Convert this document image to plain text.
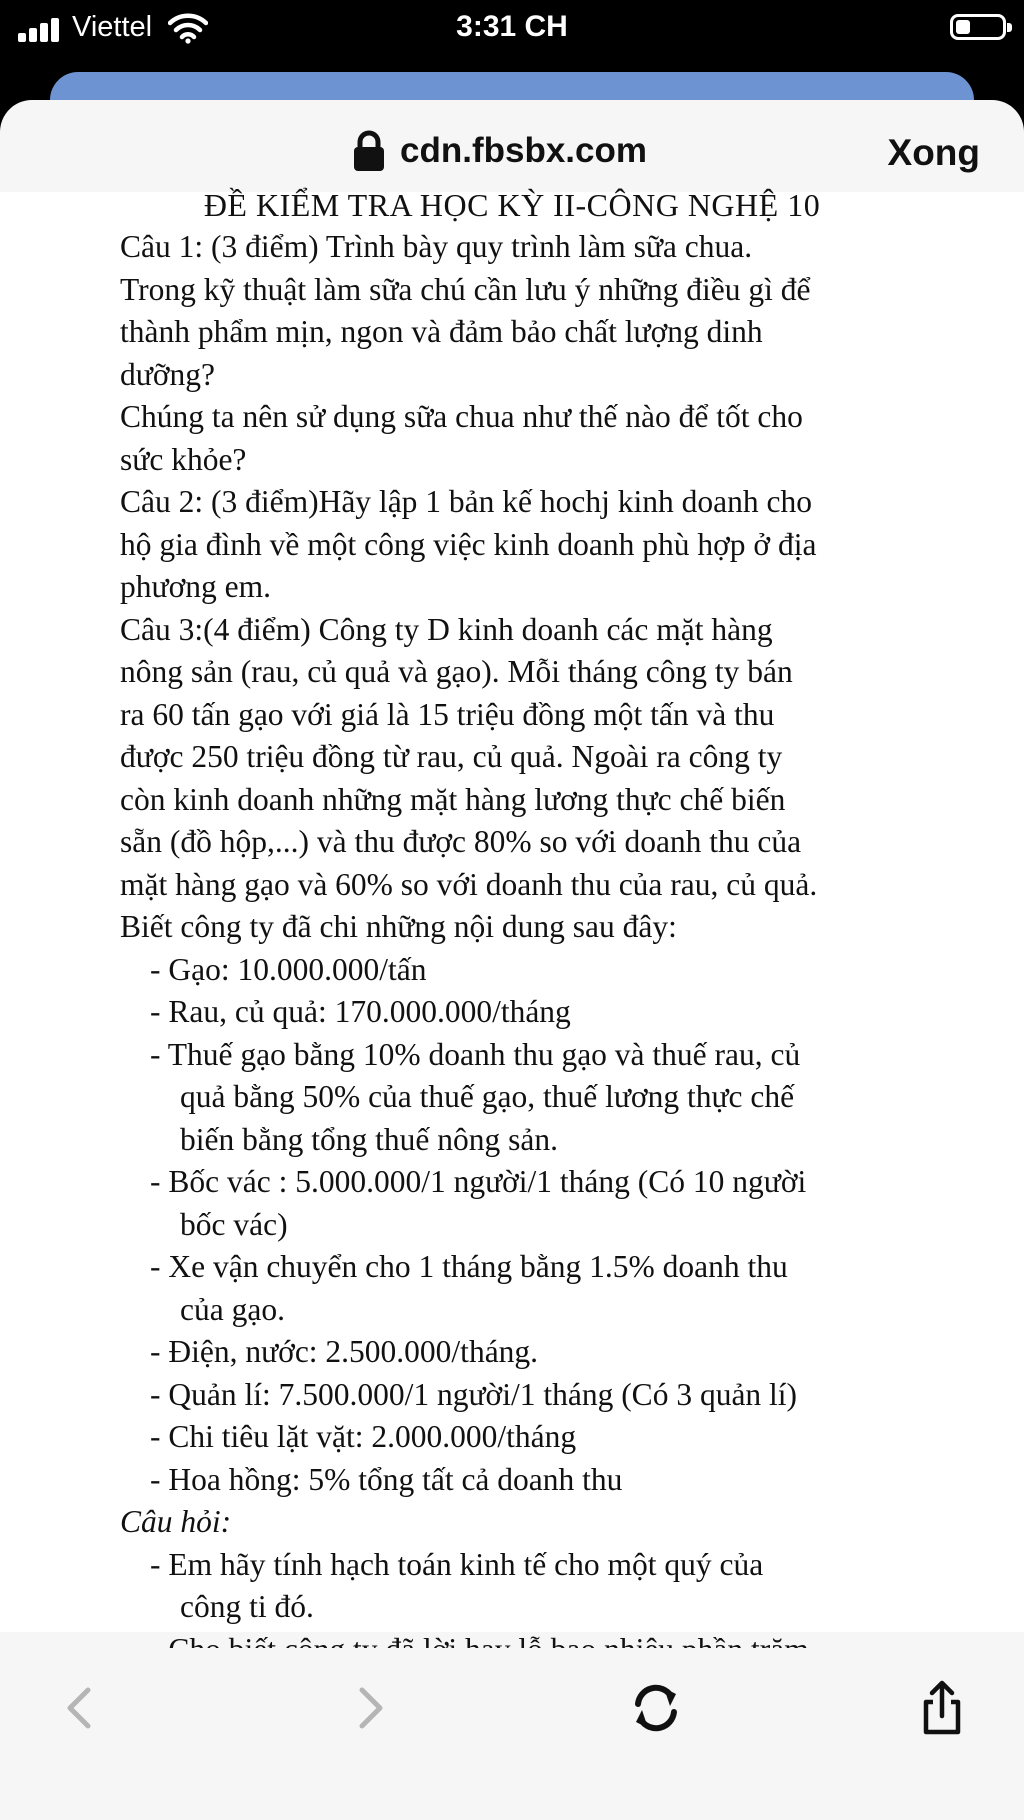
Viettel	3:31 CH
cdn.fbsbx.com	Xong
ĐỀ KIỂM TRA HỌC KỲ II-CÔNG NGHỆ 10

Câu 1: (3 điểm) Trình bày quy trình làm sữa chua.

Trong kỹ thuật làm sữa chú cần lưu ý những điều gì để

thành phẩm mịn, ngon và đảm bảo chất lượng dinh

dưỡng?

Chúng ta nên sử dụng sữa chua như thế nào để tốt cho

sức khỏe?

Câu 2: (3 điểm)Hãy lập 1 bản kế hochj kinh doanh cho

hộ gia đình về một công việc kinh doanh phù hợp ở địa

phương em.

Câu 3:(4 điểm) Công ty D kinh doanh các mặt hàng

nông sản (rau, củ quả và gạo). Mỗi tháng công ty bán

ra 60 tấn gạo với giá là 15 triệu đồng một tấn và thu

được 250 triệu đồng từ rau, củ quả. Ngoài ra công ty

còn kinh doanh những mặt hàng lương thực chế biến

sẵn (đồ hộp,...) và thu được 80% so với doanh thu của

mặt hàng gạo và 60% so với doanh thu của rau, củ quả.

Biết công ty đã chi những nội dung sau đây:

- Gạo: 10.000.000/tấn

- Rau, củ quả: 170.000.000/tháng

- Thuế gạo bằng 10% doanh thu gạo và thuế rau, củ

quả bằng 50% của thuế gạo, thuế lương thực chế

biến bằng tổng thuế nông sản.

- Bốc vác : 5.000.000/1 người/1 tháng (Có 10 người

bốc vác)

- Xe vận chuyển cho 1 tháng bằng 1.5% doanh thu

của gạo.

- Điện, nước: 2.500.000/tháng.

- Quản lí: 7.500.000/1 người/1 tháng (Có 3 quản lí)

- Chi tiêu lặt vặt: 2.000.000/tháng

- Hoa hồng: 5% tổng tất cả doanh thu

Câu hỏi:

- Em hãy tính hạch toán kinh tế cho một quý của

công ti đó.
